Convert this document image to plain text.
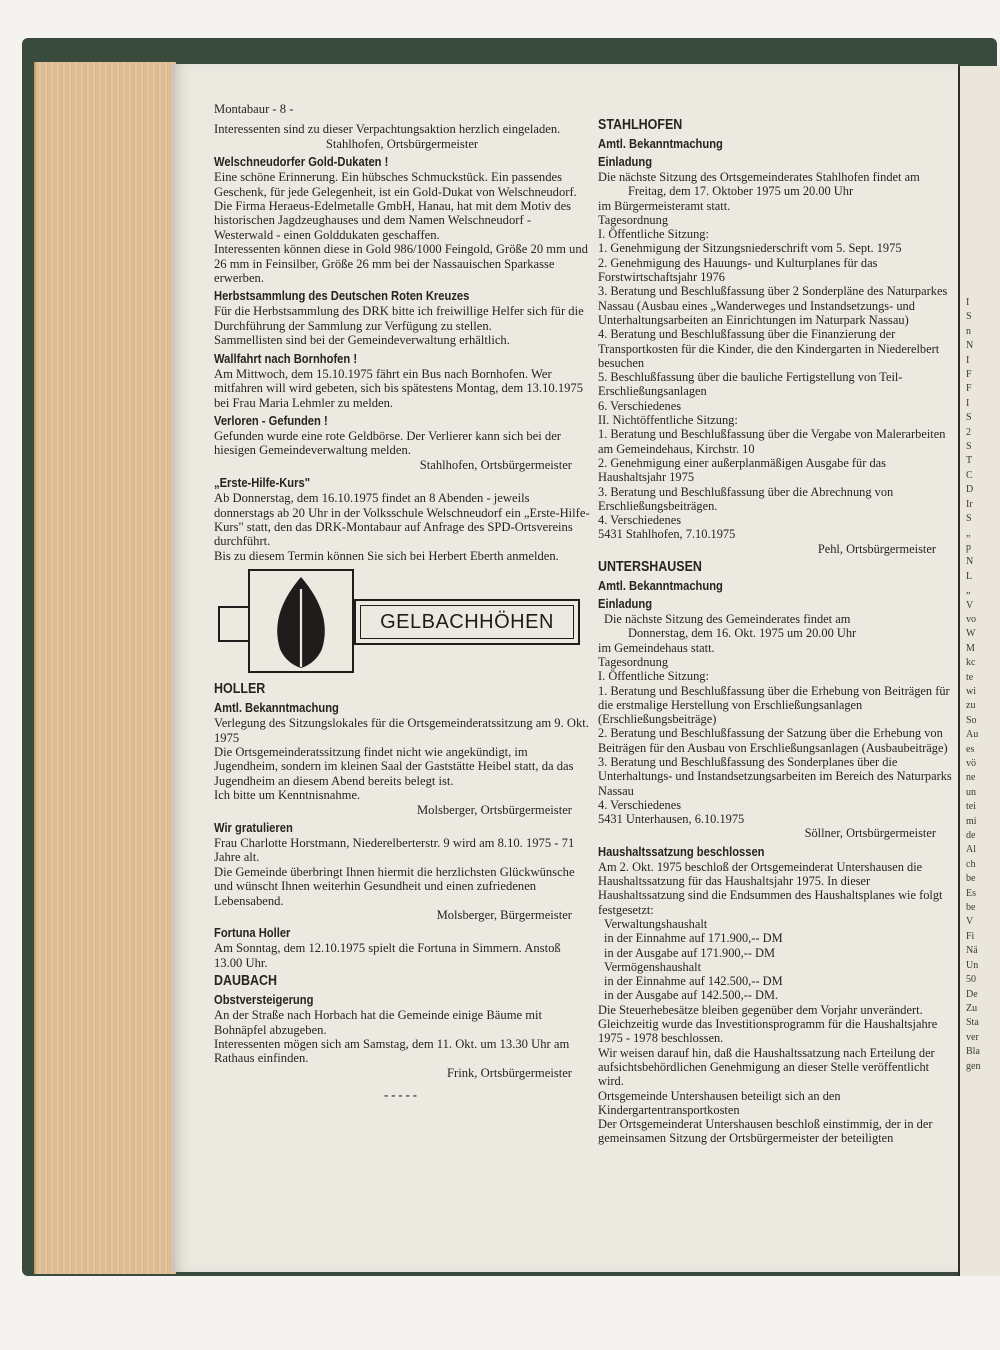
I
S
n
N
I
F
F
I
S
2
S
T
C
D
Ir
S
„
p
N
L
„
V
vo
W
M
kc
te
wi
zu
So
Au
es
vö
ne
un
tei
mi
de
Al
ch
be
Es
be
V
Fi
Nä
Un
50
De
Zu
Sta
ver
Bla
gen

Montabaur - 8 -

Interessenten sind zu dieser Verpachtungsaktion herzlich eingeladen.

Stahlhofen, Ortsbürgermeister

Welschneudorfer Gold-Dukaten !

Eine schöne Erinnerung. Ein hübsches Schmuckstück. Ein passendes Geschenk, für jede Gelegenheit, ist ein Gold-Dukat von Welschneudorf.

Die Firma Heraeus-Edelmetalle GmbH, Hanau, hat mit dem Motiv des historischen Jagdzeughauses und dem Namen Welschneudorf - Westerwald - einen Golddukaten geschaffen.

Interessenten können diese in Gold 986/1000 Feingold, Größe 20 mm und 26 mm in Feinsilber, Größe 26 mm bei der Nassauischen Sparkasse erwerben.

Herbstsammlung des Deutschen Roten Kreuzes

Für die Herbstsammlung des DRK bitte ich freiwillige Helfer sich für die Durchführung der Sammlung zur Verfügung zu stellen.

Sammellisten sind bei der Gemeindeverwaltung erhältlich.

Wallfahrt nach Bornhofen !

Am Mittwoch, dem 15.10.1975 fährt ein Bus nach Bornhofen. Wer mitfahren will wird gebeten, sich bis spätestens Montag, dem 13.10.1975 bei Frau Maria Lehmler zu melden.

Verloren - Gefunden !

Gefunden wurde eine rote Geldbörse. Der Verlierer kann sich bei der hiesigen Gemeindeverwaltung melden.

Stahlhofen, Ortsbürgermeister

„Erste-Hilfe-Kurs"

Ab Donnerstag, dem 16.10.1975 findet an 8 Abenden - jeweils donnerstags ab 20 Uhr in der Volksschule Welschneudorf ein „Erste-Hilfe-Kurs" statt, den das DRK-Montabaur auf Anfrage des SPD-Ortsvereins durchführt.

Bis zu diesem Termin können Sie sich bei Herbert Eberth anmelden.

GELBACHHÖHEN
HOLLER
Amtl. Bekanntmachung

Verlegung des Sitzungslokales für die Ortsgemeinderatssitzung am 9. Okt. 1975

Die Ortsgemeinderatssitzung findet nicht wie angekündigt, im Jugendheim, sondern im kleinen Saal der Gaststätte Heibel statt, da das Jugendheim an diesem Abend bereits belegt ist.

Ich bitte um Kenntnisnahme.

Molsberger, Ortsbürgermeister

Wir gratulieren

Frau Charlotte Horstmann, Niederelberterstr. 9 wird am 8.10. 1975 - 71 Jahre alt.

Die Gemeinde überbringt Ihnen hiermit die herzlichsten Glückwünsche und wünscht Ihnen weiterhin Gesundheit und einen zufriedenen Lebensabend.

Molsberger, Bürgermeister

Fortuna Holler

Am Sonntag, dem 12.10.1975 spielt die Fortuna in Simmern. Anstoß 13.00 Uhr.

DAUBACH
Obstversteigerung

An der Straße nach Horbach hat die Gemeinde einige Bäume mit Bohnäpfel abzugeben.

Interessenten mögen sich am Samstag, dem 11. Okt. um 13.30 Uhr am Rathaus einfinden.

Frink, Ortsbürgermeister

-----
STAHLHOFEN
Amtl. Bekanntmachung
Einladung

Die nächste Sitzung des Ortsgemeinderates Stahlhofen findet am

Freitag, dem 17. Oktober 1975 um 20.00 Uhr

im Bürgermeisteramt statt.

Tagesordnung

I. Öffentliche Sitzung:

1. Genehmigung der Sitzungsniederschrift vom 5. Sept. 1975

2. Genehmigung des Hauungs- und Kulturplanes für das Forstwirtschaftsjahr 1976

3. Beratung und Beschlußfassung über 2 Sonderpläne des Naturparkes Nassau (Ausbau eines „Wanderweges und Instandsetzungs- und Unterhaltungsarbeiten an Einrichtungen im Naturpark Nassau)

4. Beratung und Beschlußfassung über die Finanzierung der Transportkosten für die Kinder, die den Kindergarten in Niederelbert besuchen

5. Beschlußfassung über die bauliche Fertigstellung von Teil-Erschließungsanlagen

6. Verschiedenes

II. Nichtöffentliche Sitzung:

1. Beratung und Beschlußfassung über die Vergabe von Malerarbeiten am Gemeindehaus, Kirchstr. 10

2. Genehmigung einer außerplanmäßigen Ausgabe für das Haushaltsjahr 1975

3. Beratung und Beschlußfassung über die Abrechnung von Erschließungsbeiträgen.

4. Verschiedenes

5431 Stahlhofen, 7.10.1975

Pehl, Ortsbürgermeister

UNTERSHAUSEN
Amtl. Bekanntmachung
Einladung

Die nächste Sitzung des Gemeinderates findet am

Donnerstag, dem 16. Okt. 1975 um 20.00 Uhr

im Gemeindehaus statt.

Tagesordnung

I. Öffentliche Sitzung:

1. Beratung und Beschlußfassung über die Erhebung von Beiträgen für die erstmalige Herstellung von Erschließungsanlagen (Erschließungsbeiträge)

2. Beratung und Beschlußfassung der Satzung über die Erhebung von Beiträgen für den Ausbau von Erschließungsanlagen (Ausbaubeiträge)

3. Beratung und Beschlußfassung des Sonderplanes über die Unterhaltungs- und Instandsetzungsarbeiten im Bereich des Naturparks Nassau

4. Verschiedenes

5431 Unterhausen, 6.10.1975

Söllner, Ortsbürgermeister

Haushaltssatzung beschlossen

Am 2. Okt. 1975 beschloß der Ortsgemeinderat Untershausen die Haushaltssatzung für das Haushaltsjahr 1975. In dieser Haushaltssatzung sind die Endsummen des Haushaltsplanes wie folgt festgesetzt:

Verwaltungshaushalt

in der Einnahme auf 171.900,-- DM

in der Ausgabe auf 171.900,-- DM

Vermögenshaushalt

in der Einnahme auf 142.500,-- DM

in der Ausgabe auf 142.500,-- DM.

Die Steuerhebesätze bleiben gegenüber dem Vorjahr unverändert.

Gleichzeitig wurde das Investitionsprogramm für die Haushaltsjahre 1975 - 1978 beschlossen.

Wir weisen darauf hin, daß die Haushaltssatzung nach Erteilung der aufsichtsbehördlichen Genehmigung an dieser Stelle veröffentlicht wird.

Ortsgemeinde Untershausen beteiligt sich an den Kindergartentransportkosten

Der Ortsgemeinderat Untershausen beschloß einstimmig, der in der gemeinsamen Sitzung der Ortsbürgermeister der beteiligten
